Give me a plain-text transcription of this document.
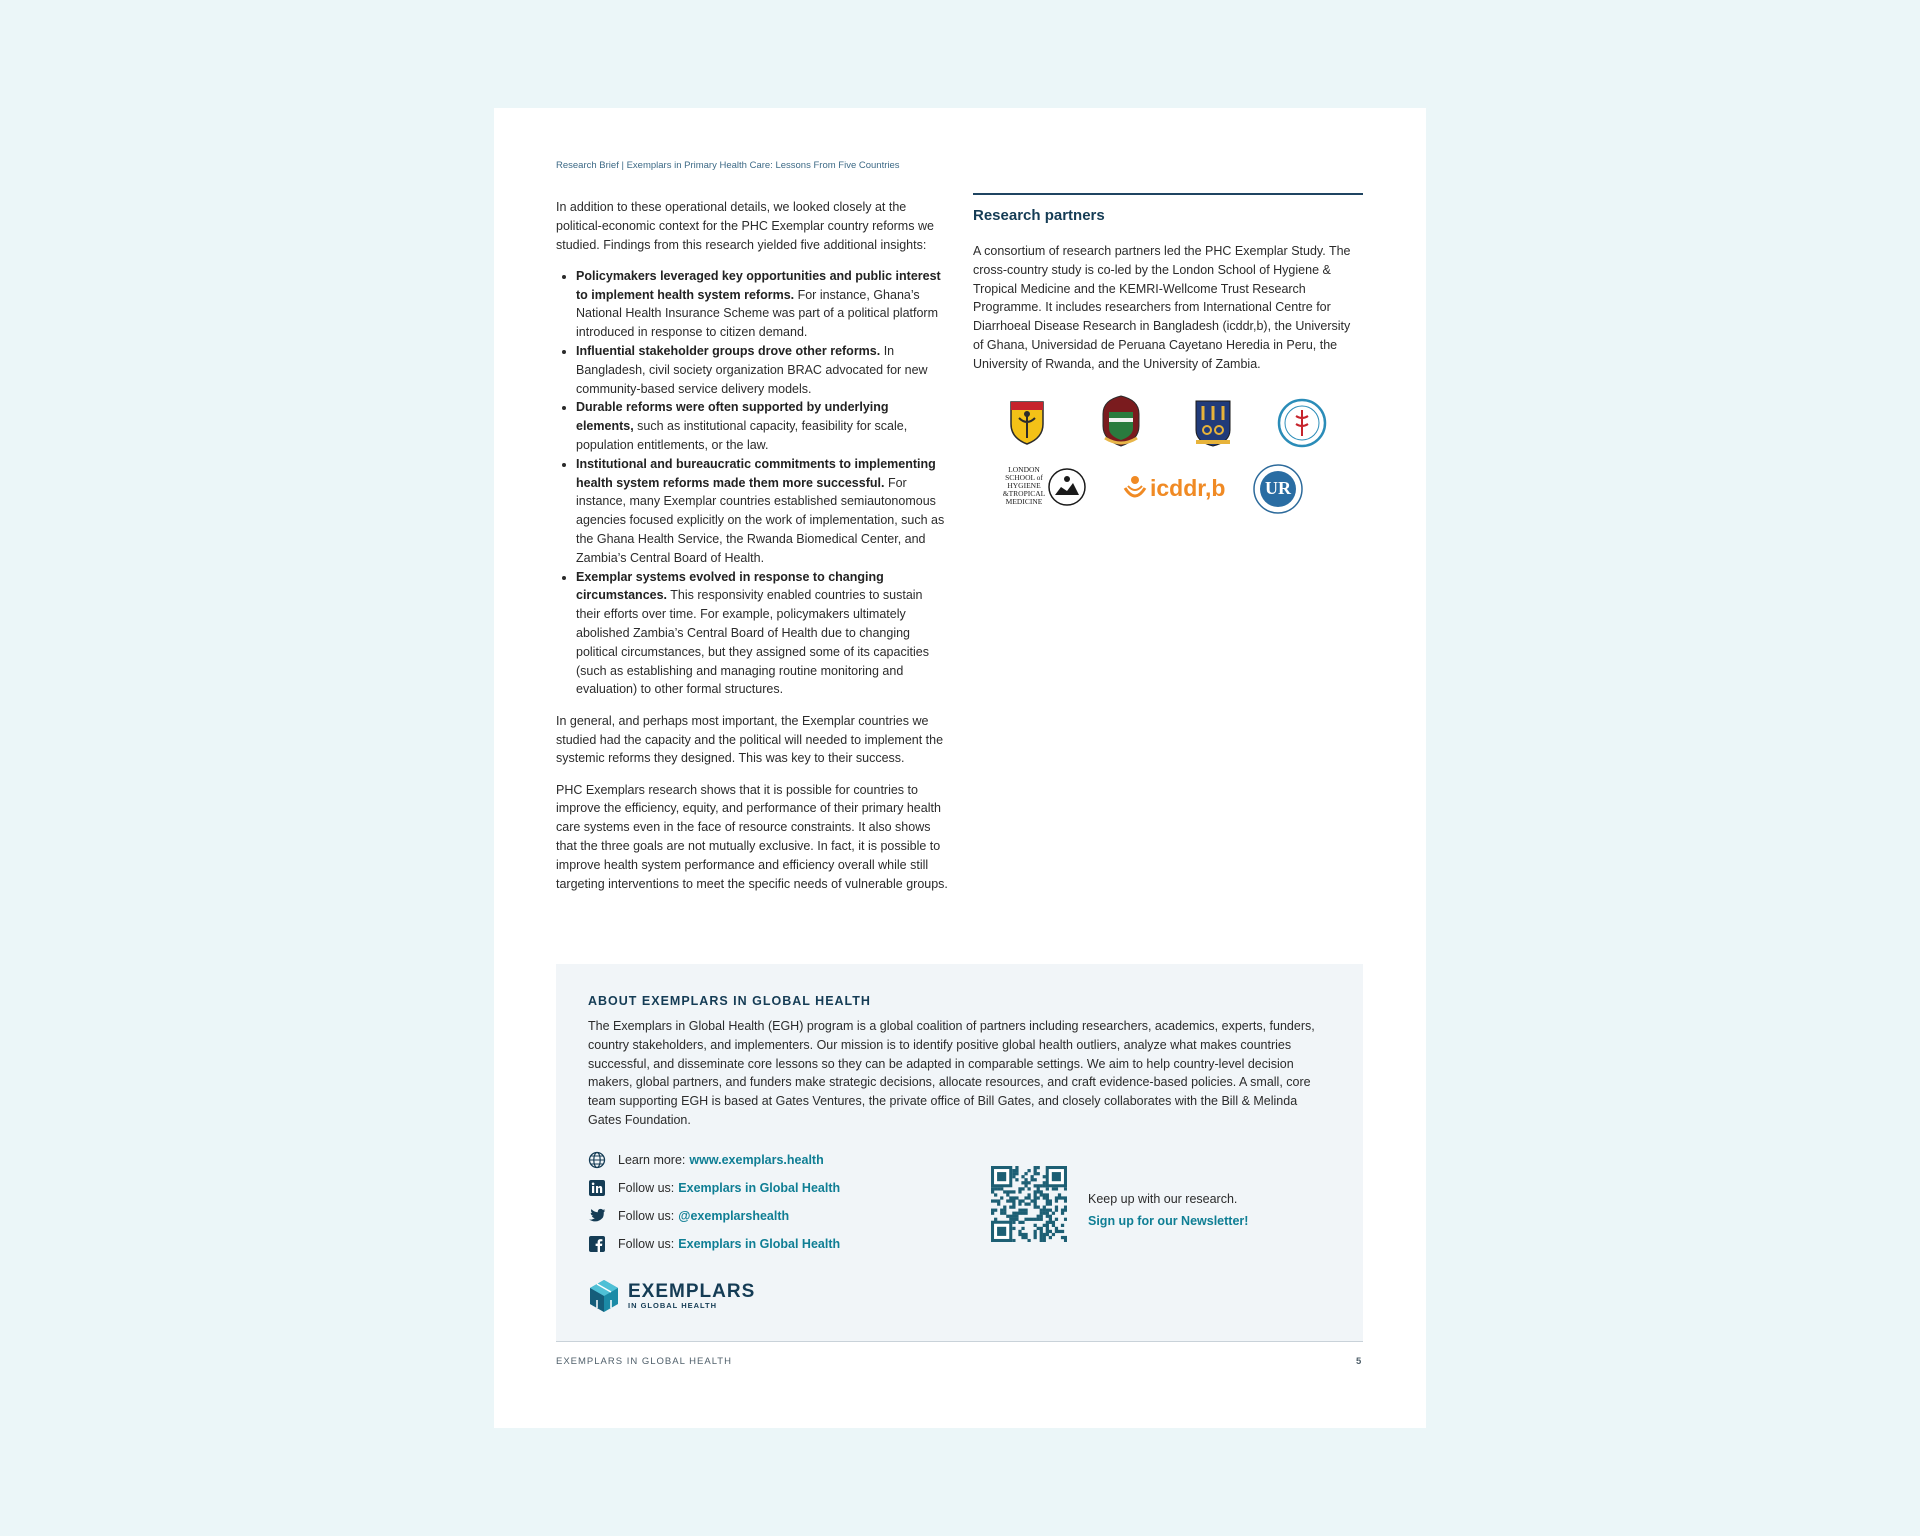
Research Brief | Exemplars in Primary Health Care: Lessons From Five Countries

In addition to these operational details, we looked closely at the political-economic context for the PHC Exemplar country reforms we studied. Findings from this research yielded five additional insights:

• Policymakers leveraged key opportunities and public interest to implement health system reforms. For instance, Ghana’s National Health Insurance Scheme was part of a political platform introduced in response to citizen demand.
• Influential stakeholder groups drove other reforms. In Bangladesh, civil society organization BRAC advocated for new community-based service delivery models.
• Durable reforms were often supported by underlying elements, such as institutional capacity, feasibility for scale, population entitlements, or the law.
• Institutional and bureaucratic commitments to implementing health system reforms made them more successful. For instance, many Exemplar countries established semiautonomous agencies focused explicitly on the work of implementation, such as the Ghana Health Service, the Rwanda Biomedical Center, and Zambia’s Central Board of Health.
• Exemplar systems evolved in response to changing circumstances. This responsivity enabled countries to sustain their efforts over time. For example, policymakers ultimately abolished Zambia’s Central Board of Health due to changing political circumstances, but they assigned some of its capacities (such as establishing and managing routine monitoring and evaluation) to other formal structures.

In general, and perhaps most important, the Exemplar countries we studied had the capacity and the political will needed to implement the systemic reforms they designed. This was key to their success.

PHC Exemplars research shows that it is possible for countries to improve the efficiency, equity, and performance of their primary health care systems even in the face of resource constraints. It also shows that the three goals are not mutually exclusive. In fact, it is possible to improve health system performance and efficiency overall while still targeting interventions to meet the specific needs of vulnerable groups.

Research partners

A consortium of research partners led the PHC Exemplar Study. The cross-country study is co-led by the London School of Hygiene & Tropical Medicine and the KEMRI-Wellcome Trust Research Programme. It includes researchers from International Centre for Diarrhoeal Disease Research in Bangladesh (icddr,b), the University of Ghana, Universidad de Peruana Cayetano Heredia in Peru, the University of Rwanda, and the University of Zambia.

LONDON
SCHOOL of
HYGIENE
&TROPICAL
MEDICINE	icddr,b	UR
ABOUT EXEMPLARS IN GLOBAL HEALTH

The Exemplars in Global Health (EGH) program is a global coalition of partners including researchers, academics, experts, funders, country stakeholders, and implementers. Our mission is to identify positive global health outliers, analyze what makes countries successful, and disseminate core lessons so they can be adapted in comparable settings. We aim to help country-level decision makers, global partners, and funders make strategic decisions, allocate resources, and craft evidence-based policies. A small, core team supporting EGH is based at Gates Ventures, the private office of Bill Gates, and closely collaborates with the Bill & Melinda Gates Foundation.

Learn more: www.exemplars.health
Follow us: Exemplars in Global Health
Follow us: @exemplarshealth
Follow us: Exemplars in Global Health
Keep up with our research.
Sign up for our Newsletter!
EXEMPLARS
IN GLOBAL HEALTH
EXEMPLARS IN GLOBAL HEALTH	5
